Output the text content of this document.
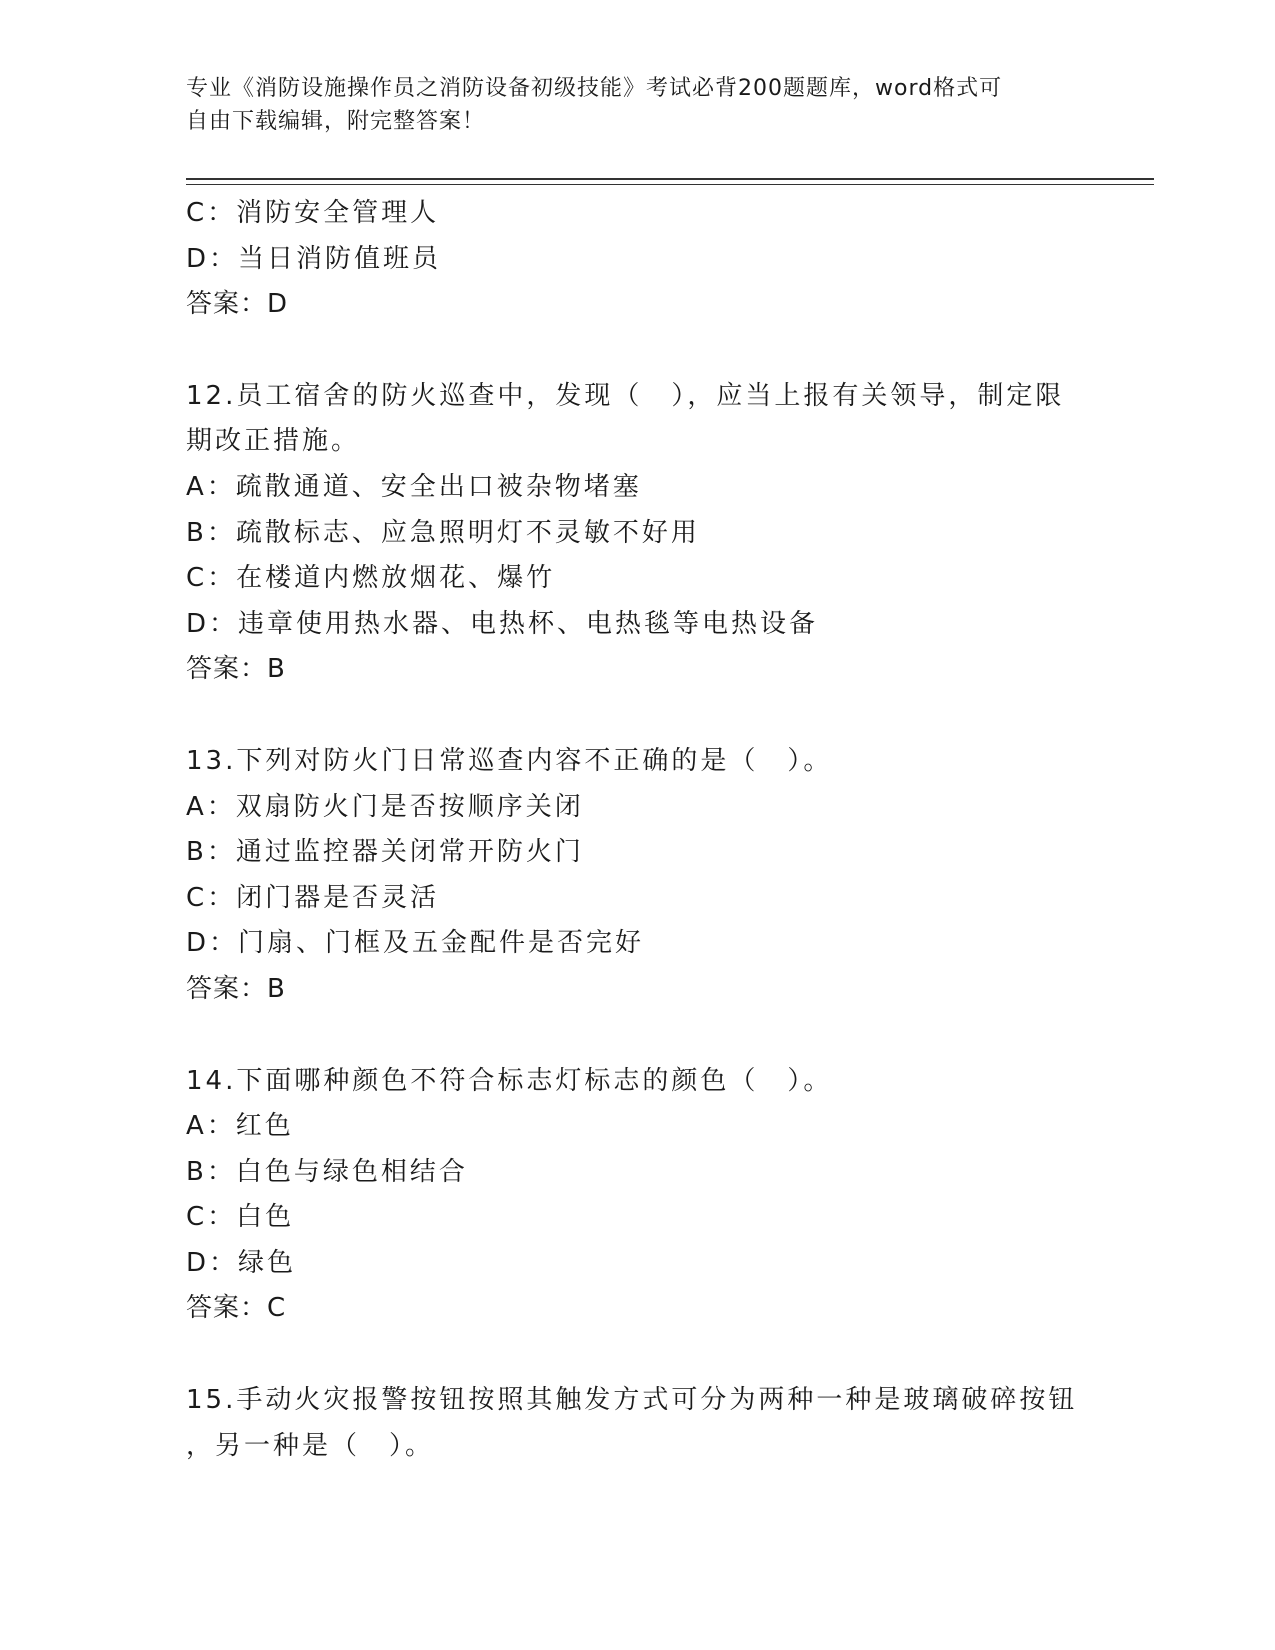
专业《消防设施操作员之消防设备初级技能》考试必背200题题库，word格式可
自由下载编辑，附完整答案！
C：消防安全管理人
D：当日消防值班员
答案：D
12.员工宿舍的防火巡查中，发现（　），应当上报有关领导，制定限
期改正措施。
A：疏散通道、安全出口被杂物堵塞
B：疏散标志、应急照明灯不灵敏不好用
C：在楼道内燃放烟花、爆竹
D：违章使用热水器、电热杯、电热毯等电热设备
答案：B
13.下列对防火门日常巡查内容不正确的是（　）。
A：双扇防火门是否按顺序关闭
B：通过监控器关闭常开防火门
C：闭门器是否灵活
D：门扇、门框及五金配件是否完好
答案：B
14.下面哪种颜色不符合标志灯标志的颜色（　）。
A：红色
B：白色与绿色相结合
C：白色
D：绿色
答案：C
15.手动火灾报警按钮按照其触发方式可分为两种一种是玻璃破碎按钮
，另一种是（　）。
